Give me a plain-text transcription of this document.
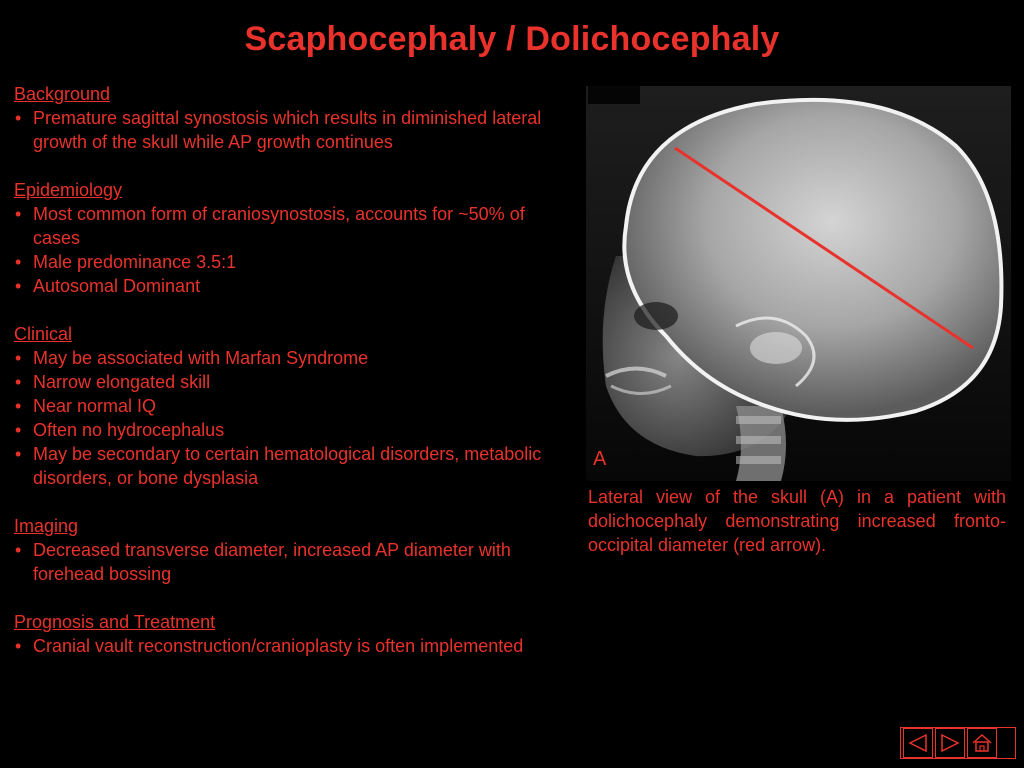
Scaphocephaly / Dolichocephaly
Background
• Premature sagittal synostosis which results in diminished lateral growth of the skull while AP growth continues
Epidemiology
• Most common form of craniosynostosis, accounts for ~50% of cases
• Male predominance 3.5:1
• Autosomal Dominant
Clinical
• May be associated with Marfan Syndrome
• Narrow elongated skill
• Near normal IQ
• Often no hydrocephalus
• May be secondary to certain hematological disorders, metabolic disorders, or bone dysplasia
Imaging
• Decreased transverse diameter, increased AP diameter with forehead bossing
Prognosis and Treatment
• Cranial vault reconstruction/cranioplasty is often implemented
A
Lateral view of the skull (A) in a patient with dolichocephaly demonstrating increased fronto-occipital diameter (red arrow).
